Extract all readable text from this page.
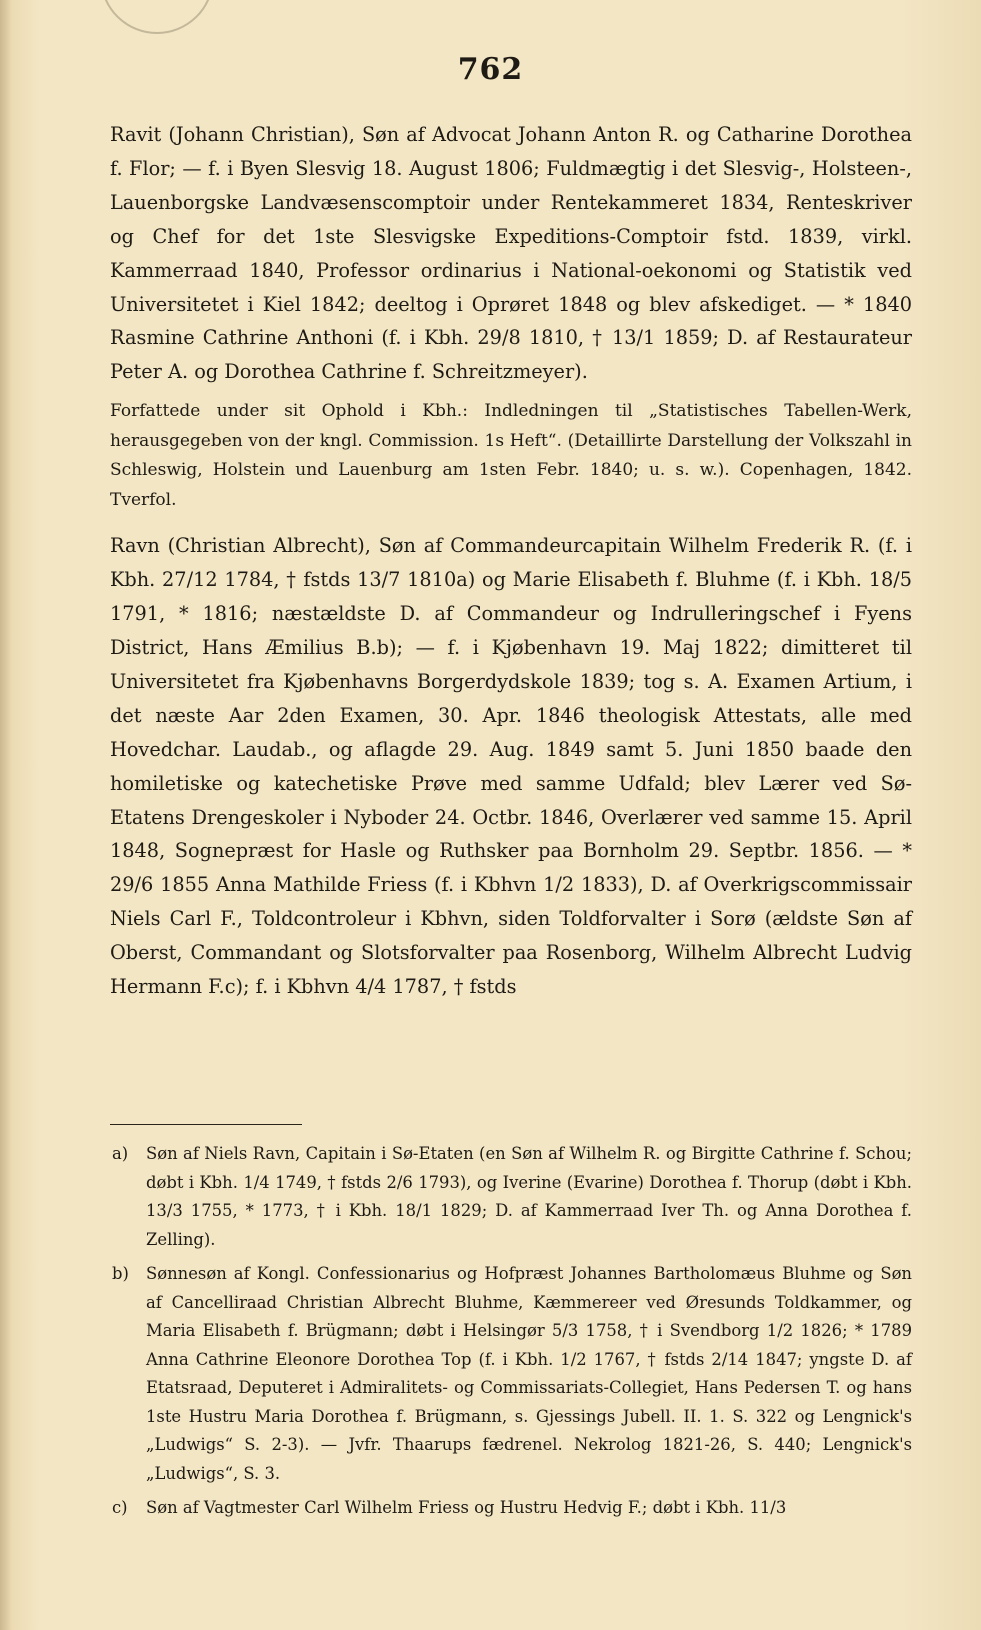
762

Ravit (Johann Christian), Søn af Advocat Johann Anton R. og Catharine Dorothea f. Flor; — f. i Byen Slesvig 18. August 1806; Fuldmægtig i det Slesvig-, Holsteen-, Lauenborgske Landvæsenscomptoir under Rentekammeret 1834, Renteskriver og Chef for det 1ste Slesvigske Expeditions-Comptoir fstd. 1839, virkl. Kammerraad 1840, Professor ordinarius i National-oekonomi og Statistik ved Universitetet i Kiel 1842; deeltog i Oprøret 1848 og blev afskediget. — * 1840 Rasmine Cathrine Anthoni (f. i Kbh. 29/8 1810, † 13/1 1859; D. af Restaurateur Peter A. og Dorothea Cathrine f. Schreitzmeyer).

Forfattede under sit Ophold i Kbh.: Indledningen til „Statistisches Tabellen-Werk, herausgegeben von der kngl. Commission. 1s Heft“. (Detaillirte Darstellung der Volkszahl in Schleswig, Holstein und Lauenburg am 1sten Febr. 1840; u. s. w.). Copenhagen, 1842. Tverfol.

Ravn (Christian Albrecht), Søn af Commandeurcapitain Wilhelm Frederik R. (f. i Kbh. 27/12 1784, † fstds 13/7 1810a) og Marie Elisabeth f. Bluhme (f. i Kbh. 18/5 1791, * 1816; næstældste D. af Commandeur og Indrulleringschef i Fyens District, Hans Æmilius B.b); — f. i Kjøbenhavn 19. Maj 1822; dimitteret til Universitetet fra Kjøbenhavns Borgerdydskole 1839; tog s. A. Examen Artium, i det næste Aar 2den Examen, 30. Apr. 1846 theologisk Attestats, alle med Hovedchar. Laudab., og aflagde 29. Aug. 1849 samt 5. Juni 1850 baade den homiletiske og katechetiske Prøve med samme Udfald; blev Lærer ved Sø-Etatens Drengeskoler i Nyboder 24. Octbr. 1846, Overlærer ved samme 15. April 1848, Sognepræst for Hasle og Ruthsker paa Bornholm 29. Septbr. 1856. — * 29/6 1855 Anna Mathilde Friess (f. i Kbhvn 1/2 1833), D. af Overkrigscommissair Niels Carl F., Toldcontroleur i Kbhvn, siden Toldforvalter i Sorø (ældste Søn af Oberst, Commandant og Slotsforvalter paa Rosenborg, Wilhelm Albrecht Ludvig Hermann F.c); f. i Kbhvn 4/4 1787, † fstds

a)	Søn af Niels Ravn, Capitain i Sø-Etaten (en Søn af Wilhelm R. og Birgitte Cathrine f. Schou; døbt i Kbh. 1/4 1749, † fstds 2/6 1793), og Iverine (Evarine) Dorothea f. Thorup (døbt i Kbh. 13/3 1755, * 1773, † i Kbh. 18/1 1829; D. af Kammerraad Iver Th. og Anna Dorothea f. Zelling).
b)	Sønnesøn af Kongl. Confessionarius og Hofpræst Johannes Bartholomæus Bluhme og Søn af Cancelliraad Christian Albrecht Bluhme, Kæmmereer ved Øresunds Toldkammer, og Maria Elisabeth f. Brügmann; døbt i Helsingør 5/3 1758, † i Svendborg 1/2 1826; * 1789 Anna Cathrine Eleonore Dorothea Top (f. i Kbh. 1/2 1767, † fstds 2/14 1847; yngste D. af Etatsraad, Deputeret i Admiralitets- og Commissariats-Collegiet, Hans Pedersen T. og hans 1ste Hustru Maria Dorothea f. Brügmann, s. Gjessings Jubell. II. 1. S. 322 og Lengnick's „Ludwigs“ S. 2-3). — Jvfr. Thaarups fædrenel. Nekrolog 1821-26, S. 440; Lengnick's „Ludwigs“, S. 3.
c)	Søn af Vagtmester Carl Wilhelm Friess og Hustru Hedvig F.; døbt i Kbh. 11/3
